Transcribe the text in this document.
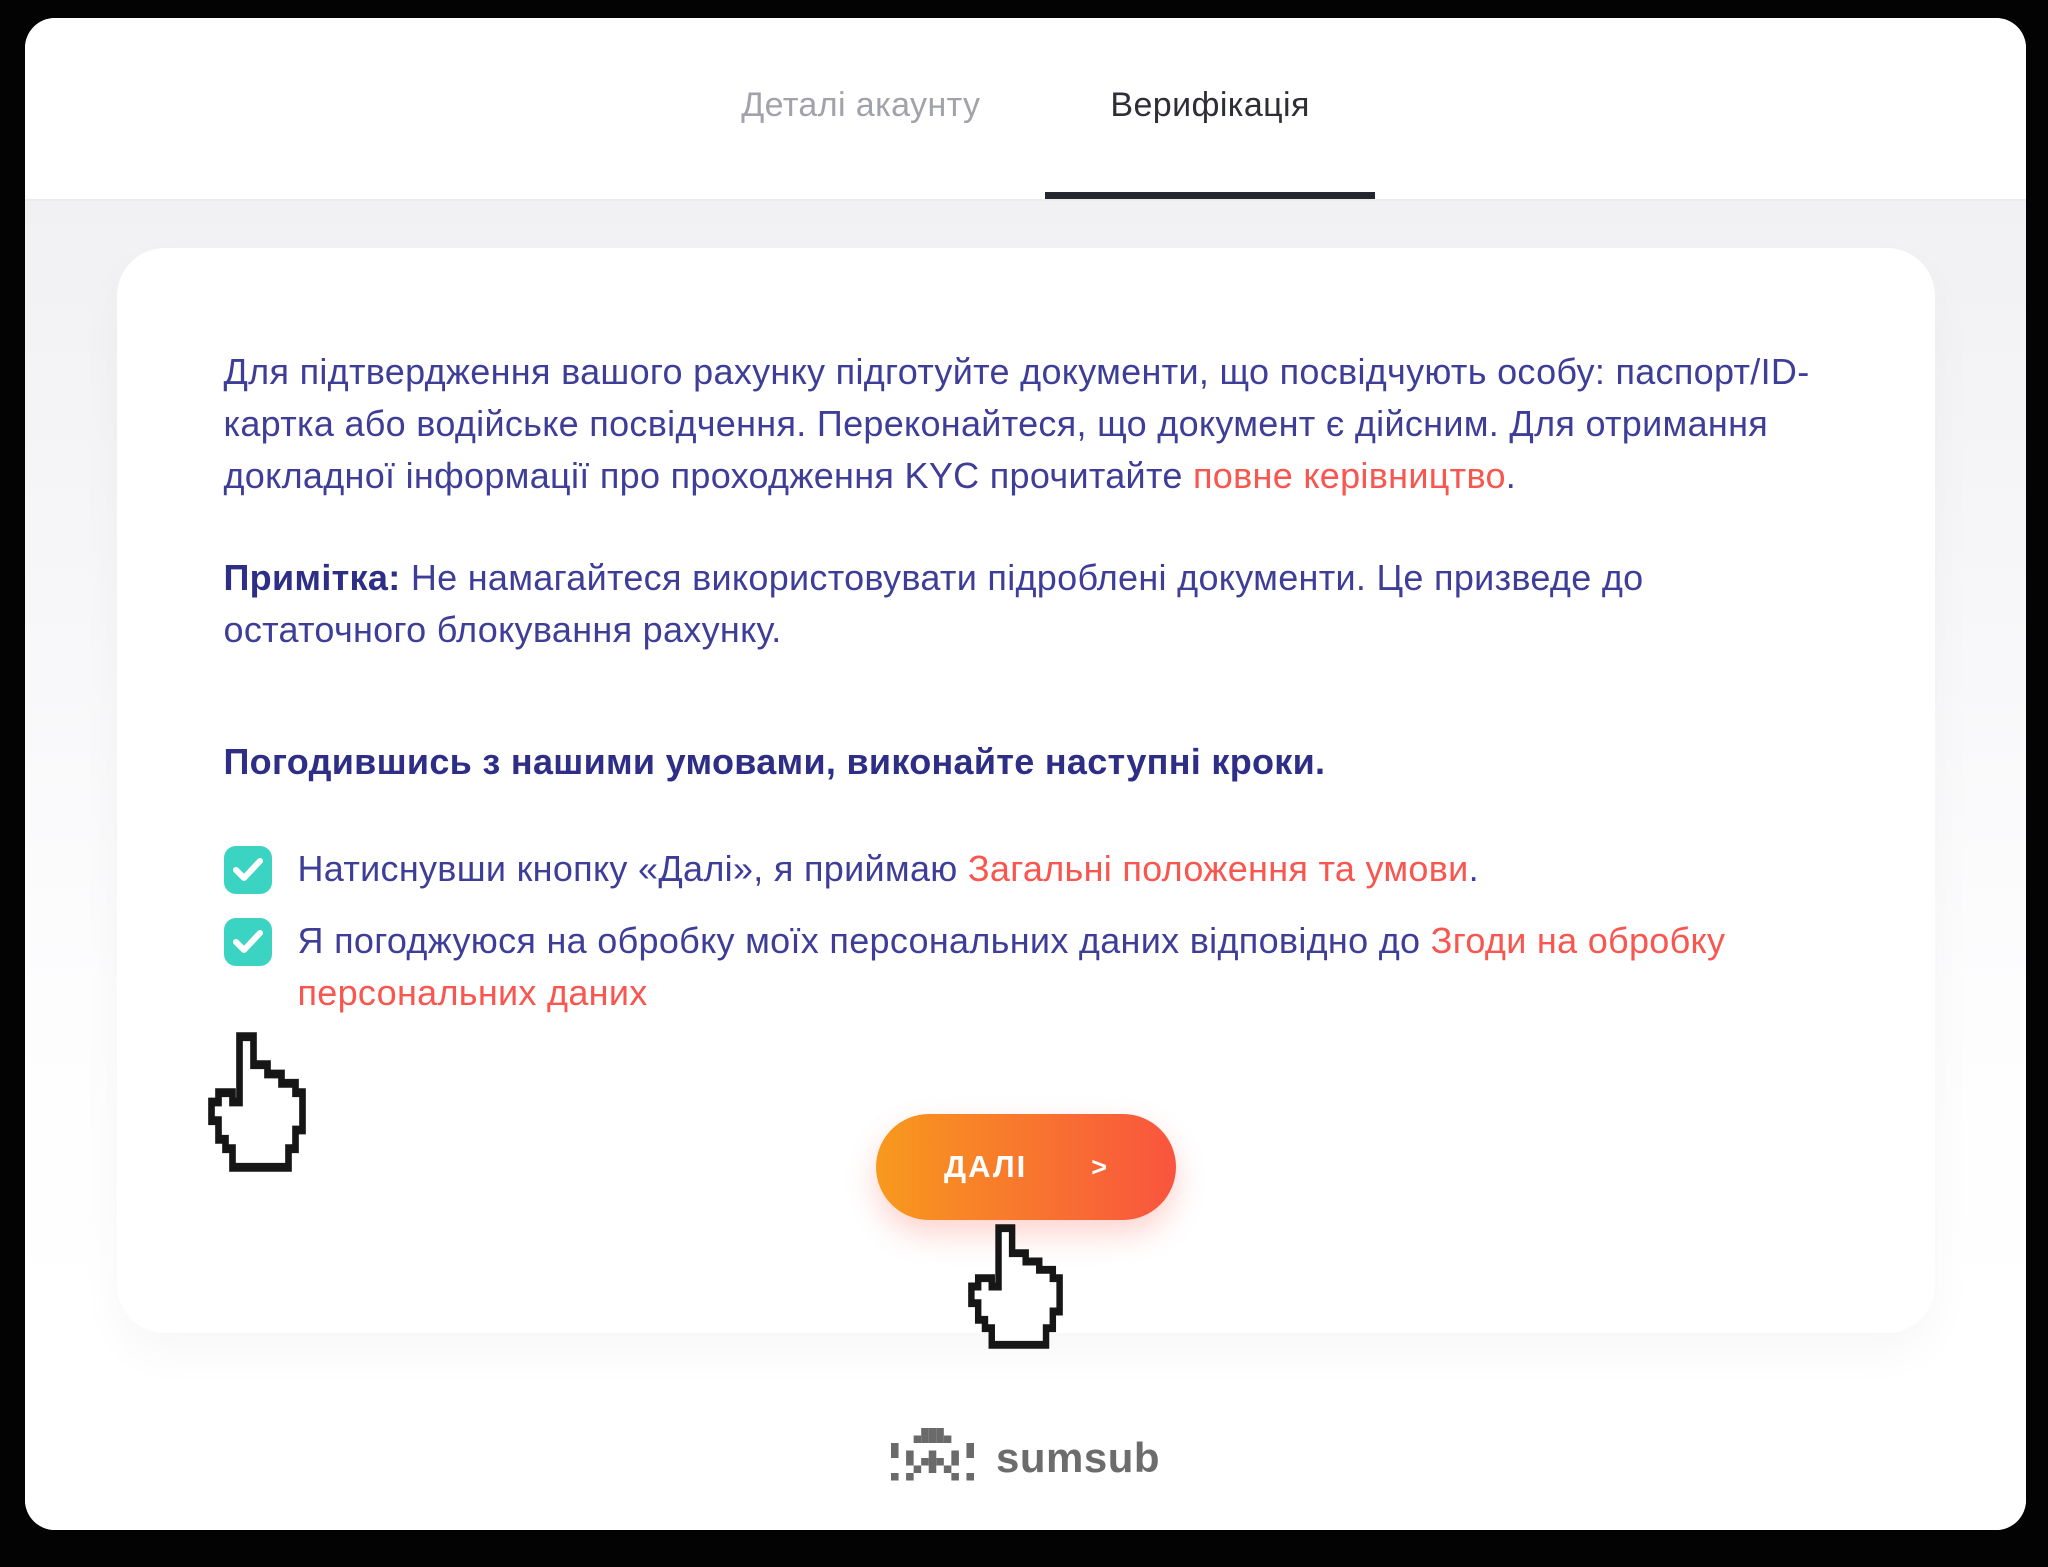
Деталі акаунту	Верифікація

Для підтвердження вашого рахунку підготуйте документи, що посвідчують особу: паспорт/ID-картка або водійське посвідчення. Переконайтеся, що документ є дійсним. Для отримання докладної інформації про проходження KYC прочитайте повне керівництво.

Примітка: Не намагайтеся використовувати підроблені документи. Це призведе до остаточного блокування рахунку.

Погодившись з нашими умовами, виконайте наступні кроки.

Натиснувши кнопку «Далі», я приймаю Загальні положення та умови.
Я погоджуюся на обробку моїх персональних даних відповідно до Згоди на обробку персональних даних
ДАЛІ >
sumsub
